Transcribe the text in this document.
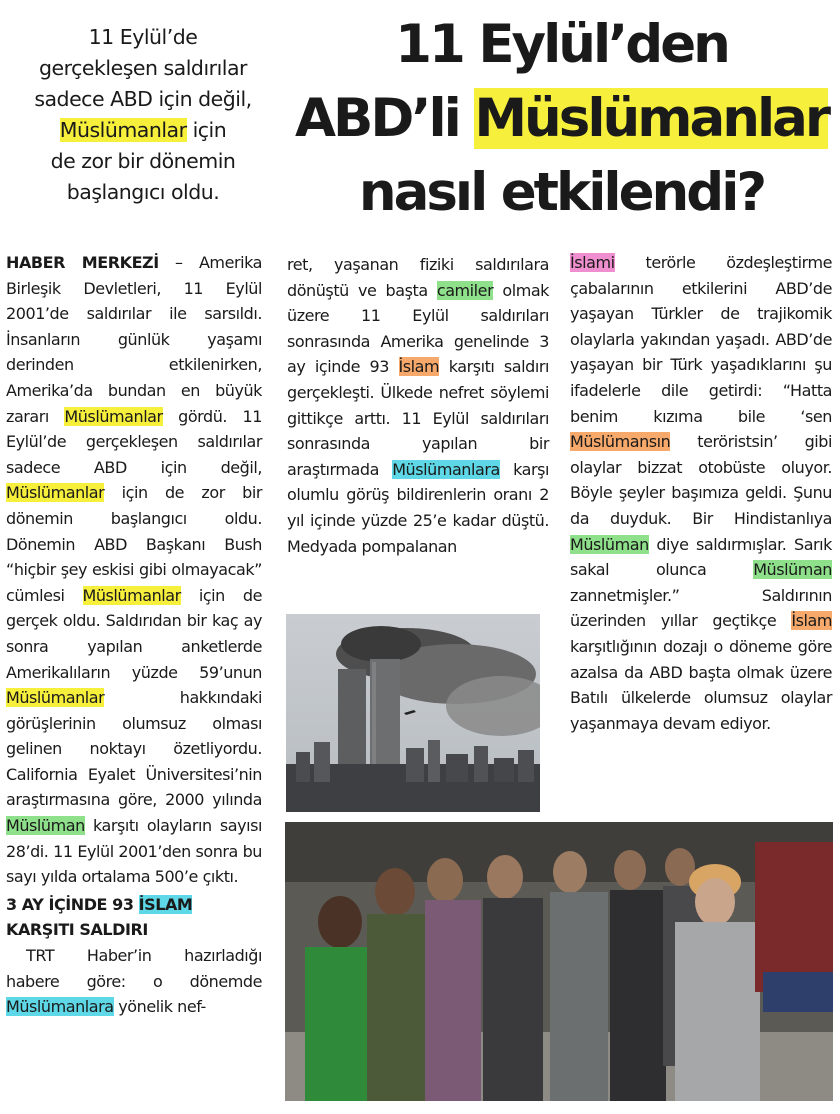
11 Eylül’de
gerçekleşen saldırılar
sadece ABD için değil,
Müslümanlar için
de zor bir dönemin
başlangıcı oldu.
11 Eylül’den
ABD’li Müslümanlar
nasıl etkilendi?

HABER MERKEZİ – Amerika Birleşik Devletleri, 11 Eylül 2001’de saldırılar ile sarsıldı. İnsanların günlük yaşamı derinden etkilenirken, Amerika’da bundan en büyük zararı Müslümanlar gördü. 11 Eylül’de gerçekleşen saldırılar sadece ABD için değil, Müslümanlar için de zor bir dönemin başlangıcı oldu. Dönemin ABD Başkanı Bush “hiçbir şey eskisi gibi olmayacak” cümlesi Müslümanlar için de gerçek oldu. Saldırıdan bir kaç ay sonra yapılan anketlerde Amerikalıların yüzde 59’unun Müslümanlar hakkındaki görüşlerinin olumsuz olması gelinen noktayı özetliyordu. California Eyalet Üniversitesi’nin araştırmasına göre, 2000 yılında Müslüman karşıtı olayların sayısı 28’di. 11 Eylül 2001’den sonra bu sayı yılda ortalama 500’e çıktı.

3 AY İÇİNDE 93 İSLAM
KARŞITI SALDIRI

TRT Haber’in hazırladığı habere göre: o dönemde Müslümanlara yönelik nef-

ret, yaşanan fiziki saldırılara dönüştü ve başta camiler olmak üzere 11 Eylül saldırıları sonrasında Amerika genelinde 3 ay içinde 93 İslam karşıtı saldırı gerçekleşti. Ülkede nefret söylemi gittikçe arttı. 11 Eylül saldırıları sonrasında yapılan bir araştırmada Müslümanlara karşı olumlu görüş bildirenlerin oranı 2 yıl içinde yüzde 25’e kadar düştü. Medyada pompalanan

İslami terörle özdeşleştirme çabalarının etkilerini ABD’de yaşayan Türkler de trajikomik olaylarla yakından yaşadı. ABD’de yaşayan bir Türk yaşadıklarını şu ifadelerle dile getirdi: “Hatta benim kızıma bile ‘sen Müslümansın teröristsin’ gibi olaylar bizzat otobüste oluyor. Böyle şeyler başımıza geldi. Şunu da duyduk. Bir Hindistanlıya Müslüman diye saldırmışlar. Sarık sakal olunca Müslüman zannetmişler.” Saldırının üzerinden yıllar geçtikçe İslam karşıtlığının dozajı o döneme göre azalsa da ABD başta olmak üzere Batılı ülkelerde olumsuz olaylar yaşanmaya devam ediyor.
